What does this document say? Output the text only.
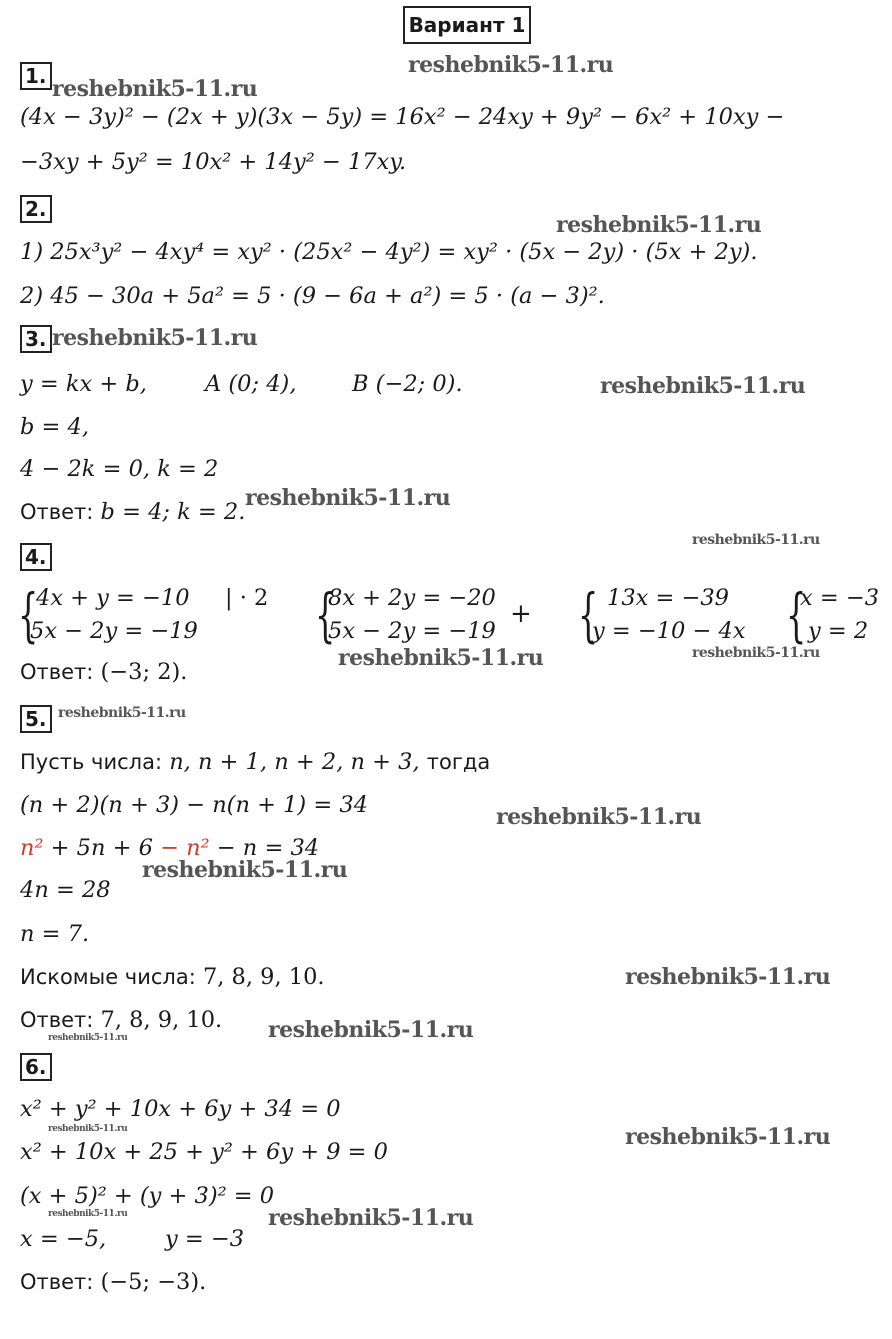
Вариант 1
1.
(4x − 3y)² − (2x + y)(3x − 5y) = 16x² − 24xy + 9y² − 6x² + 10xy −
−3xy + 5y² = 10x² + 14y² − 17xy.
2.
1) 25x³y² − 4xy⁴ = xy² · (25x² − 4y²) = xy² · (5x − 2y) · (5x + 2y).
2) 45 − 30a + 5a² = 5 · (9 − 6a + a²) = 5 · (a − 3)².
3.
y = kx + b,	A (0; 4), B (−2; 0).
b = 4,
4 − 2k = 0, k = 2
Ответ: b = 4; k = 2.
4.
{
4x + y = −10 | · 2
5x − 2y = −19 {
8x + 2y = −20
5x − 2y = −19
+ { 13x = −39
y = −10 − 4x {
x = −3
y = 2
Ответ: (−3; 2).
5.
Пусть числа: n, n + 1, n + 2, n + 3, тогда
(n + 2)(n + 3) − n(n + 1) = 34
n² + 5n + 6 − n² − n = 34
4n = 28
n = 7.
Искомые числа: 7, 8, 9, 10.
Ответ: 7, 8, 9, 10.
6.
x² + y² + 10x + 6y + 34 = 0
x² + 10x + 25 + y² + 6y + 9 = 0
(x + 5)² + (y + 3)² = 0
x = −5,	y = −3
Ответ: (−5; −3).
reshebnik5-11.ru
reshebnik5-11.ru
reshebnik5-11.ru
reshebnik5-11.ru
reshebnik5-11.ru
reshebnik5-11.ru
reshebnik5-11.ru
reshebnik5-11.ru	reshebnik5-11.ru
reshebnik5-11.ru
reshebnik5-11.ru
reshebnik5-11.ru
reshebnik5-11.ru
reshebnik5-11.ru
reshebnik5-11.ru
reshebnik5-11.ru	reshebnik5-11.ru
reshebnik5-11.ru	reshebnik5-11.ru
